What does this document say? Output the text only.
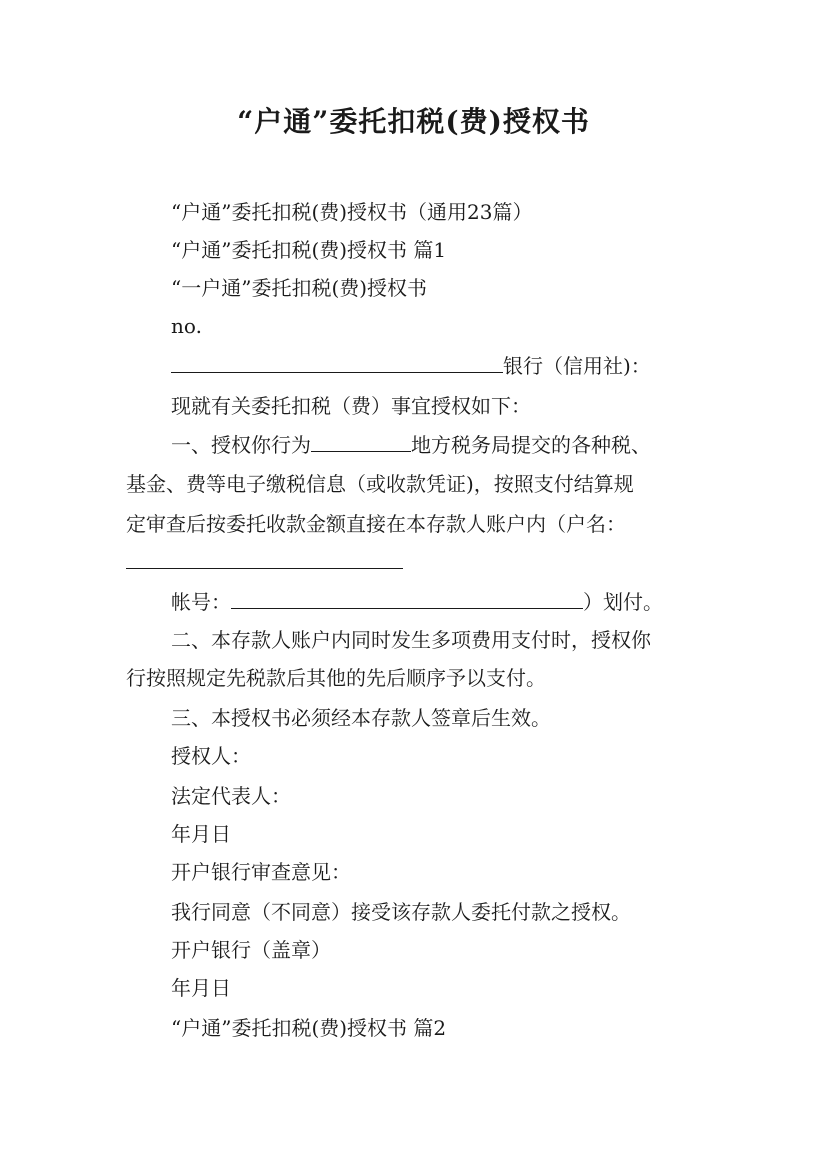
“户通”委托扣税(费)授权书
“户通”委托扣税(费)授权书（通用23篇）
“户通”委托扣税(费)授权书 篇1
“一户通”委托扣税(费)授权书
no.
银行（信用社)：
现就有关委托扣税（费）事宜授权如下：
一、授权你行为	地方税务局提交的各种税、
基金、费等电子缴税信息（或收款凭证)，按照支付结算规
定审查后按委托收款金额直接在本存款人账户内（户名：
帐号：	）划付。
二、本存款人账户内同时发生多项费用支付时，授权你
行按照规定先税款后其他的先后顺序予以支付。
三、本授权书必须经本存款人签章后生效。
授权人：
法定代表人：
年月日
开户银行审查意见：
我行同意（不同意）接受该存款人委托付款之授权。
开户银行（盖章）
年月日
“户通”委托扣税(费)授权书 篇2
